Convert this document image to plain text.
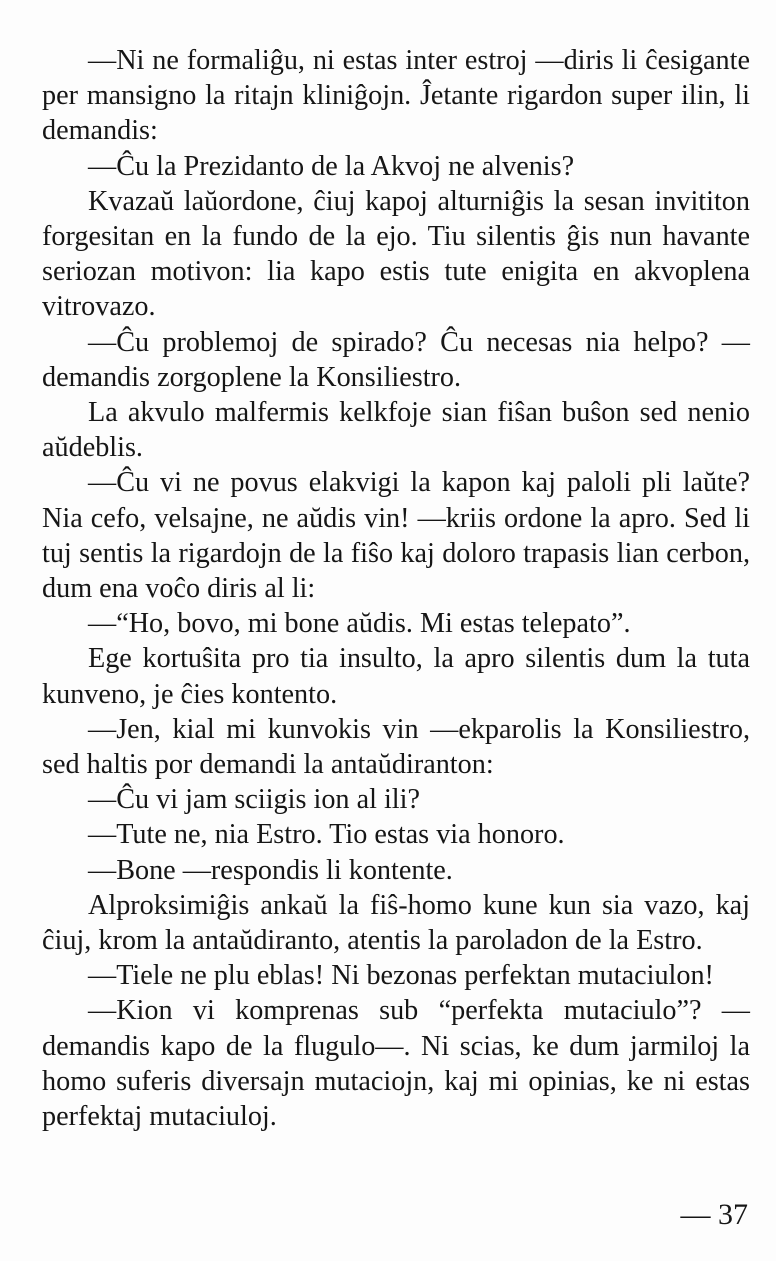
—Ni ne formaliĝu, ni estas inter estroj —diris li ĉesigante per mansigno la ritajn kliniĝojn. Ĵetante rigardon super ilin, li demandis:

—Ĉu la Prezidanto de la Akvoj ne alvenis?

Kvazaŭ laŭordone, ĉiuj kapoj alturniĝis la sesan invititon forgesitan en la fundo de la ejo. Tiu silentis ĝis nun havante seriozan motivon: lia kapo estis tute enigita en akvoplena vitrovazo.

—Ĉu problemoj de spirado? Ĉu necesas nia helpo? —demandis zorgoplene la Konsiliestro.

La akvulo malfermis kelkfoje sian fiŝan buŝon sed nenio aŭdeblis.

—Ĉu vi ne povus elakvigi la kapon kaj paloli pli laŭte? Nia cefo, velsajne, ne aŭdis vin! —kriis ordone la apro. Sed li tuj sentis la rigardojn de la fiŝo kaj doloro trapasis lian cerbon, dum ena voĉo diris al li:

—“Ho, bovo, mi bone aŭdis. Mi estas telepato”.

Ege kortuŝita pro tia insulto, la apro silentis dum la tuta kunveno, je ĉies kontento.

—Jen, kial mi kunvokis vin —ekparolis la Konsiliestro, sed haltis por demandi la antaŭdiranton:

—Ĉu vi jam sciigis ion al ili?

—Tute ne, nia Estro. Tio estas via honoro.

—Bone —respondis li kontente.

Alproksimiĝis ankaŭ la fiŝ-homo kune kun sia vazo, kaj ĉiuj, krom la antaŭdiranto, atentis la paroladon de la Estro.

—Tiele ne plu eblas! Ni bezonas perfektan mutaciulon!

—Kion vi komprenas sub “perfekta mutaciulo”? —demandis kapo de la flugulo—. Ni scias, ke dum jarmiloj la homo suferis diversajn mutaciojn, kaj mi opinias, ke ni estas perfektaj mutaciuloj.

— 37
